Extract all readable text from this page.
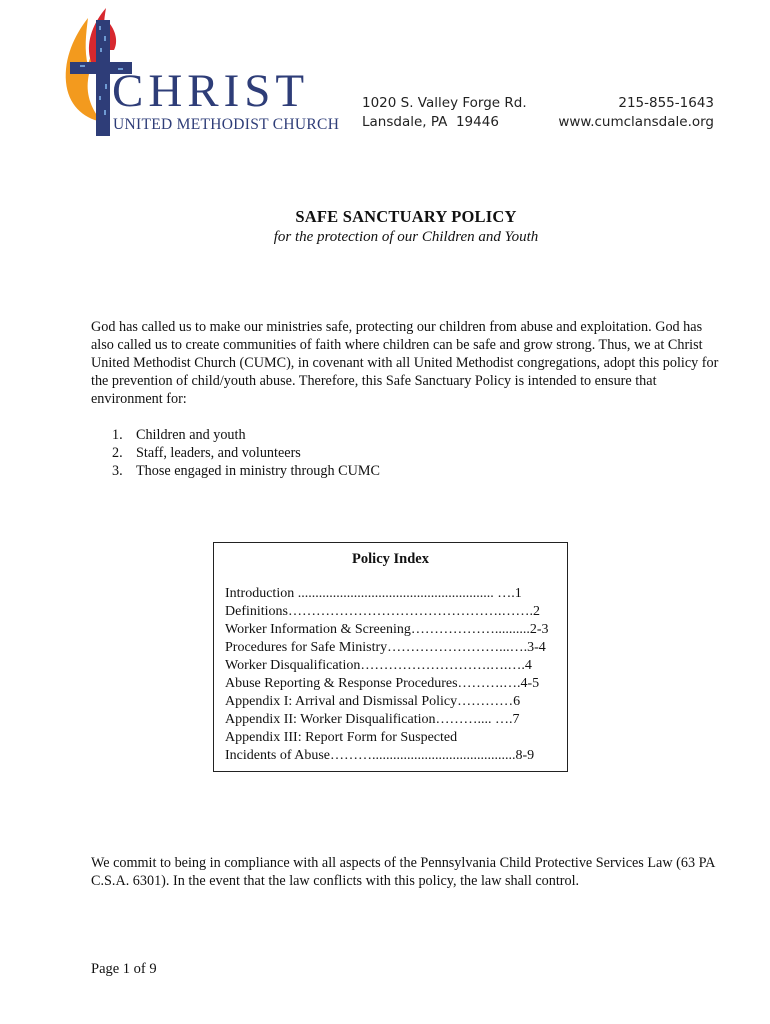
CHRIST
UNITED METHODIST CHURCH
1020 S. Valley Forge Rd.
Lansdale, PA  19446
215-855-1643
www.cumclansdale.org
SAFE SANCTUARY POLICY
for the protection of our Children and Youth

God has called us to make our ministries safe, protecting our children from abuse and exploitation. God has also called us to create communities of faith where children can be safe and grow strong. Thus, we at Christ United Methodist Church (CUMC), in covenant with all United Methodist congregations, adopt this policy for the prevention of child/youth abuse. Therefore, this Safe Sanctuary Policy is intended to ensure that environment for:

1. Children and youth
2. Staff, leaders, and volunteers
3. Those engaged in ministry through CUMC
Policy Index
Introduction ........................................................ ….1
Definitions……………………………………….…….2
Worker Information & Screening………………..........2-3
Procedures for Safe Ministry……………………...….3-4
Worker Disqualification……………………….….….4
Abuse Reporting & Response Procedures……….….4-5
Appendix I: Arrival and Dismissal Policy…………6
Appendix II: Worker Disqualification……….... ….7
Appendix III: Report Form for Suspected
Incidents of Abuse……….........................................8-9

We commit to being in compliance with all aspects of the Pennsylvania Child Protective Services Law (63 PA C.S.A. 6301). In the event that the law conflicts with this policy, the law shall control.

Page 1 of 9
